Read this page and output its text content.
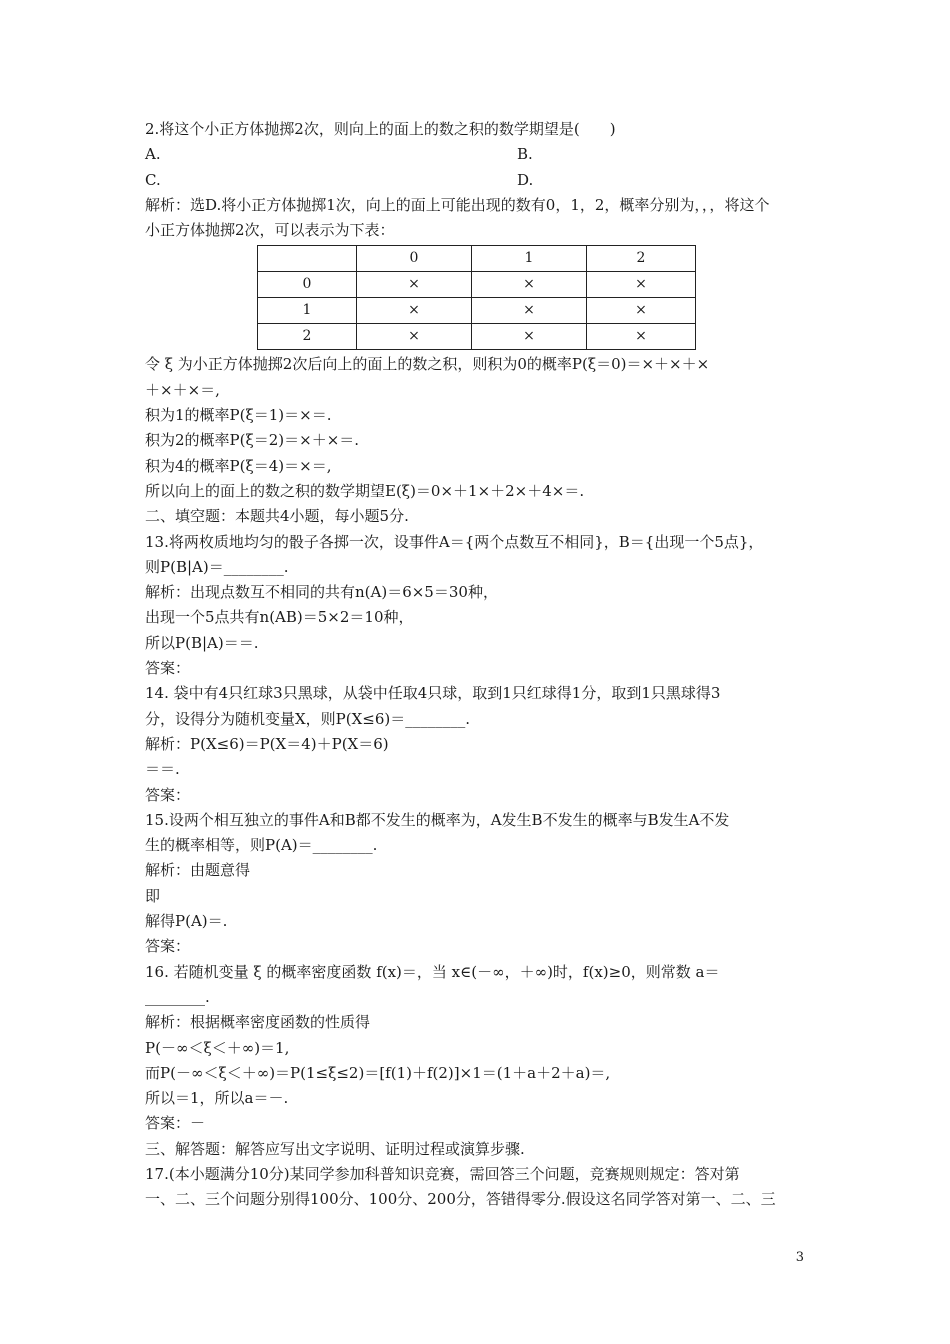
2.将这个小正方体抛掷2次，则向上的面上的数之积的数学期望是(　　)
A.	B.
C.	D.
解析：选D.将小正方体抛掷1次，向上的面上可能出现的数有0，1，2，概率分别为，，，将这个
小正方体抛掷2次，可以表示为下表：
	0	1	2
0	×	×	×
1	×	×	×
2	×	×	×
令 ξ 为小正方体抛掷2次后向上的面上的数之积，则积为0的概率P(ξ＝0)＝×＋×＋×
＋×＋×＝,
积为1的概率P(ξ＝1)＝×＝.
积为2的概率P(ξ＝2)＝×＋×＝.
积为4的概率P(ξ＝4)＝×＝,
所以向上的面上的数之积的数学期望E(ξ)＝0×＋1×＋2×＋4×＝.
二、填空题：本题共4小题，每小题5分.
13.将两枚质地均匀的骰子各掷一次，设事件A＝{两个点数互不相同}，B＝{出现一个5点}，
则P(B|A)＝________.
解析：出现点数互不相同的共有n(A)＝6×5＝30种，
出现一个5点共有n(AB)＝5×2＝10种，
所以P(B|A)＝＝.
答案：
14. 袋中有4只红球3只黑球，从袋中任取4只球，取到1只红球得1分，取到1只黑球得3
分，设得分为随机变量X，则P(X≤6)＝________.
解析：P(X≤6)＝P(X＝4)＋P(X＝6)
＝＝.
答案：
15.设两个相互独立的事件A和B都不发生的概率为，A发生B不发生的概率与B发生A不发
生的概率相等，则P(A)＝________.
解析：由题意得
即
解得P(A)＝.
答案：
16. 若随机变量 ξ 的概率密度函数 f(x)＝，当 x∈(－∞，＋∞)时，f(x)≥0，则常数 a＝
________.
解析：根据概率密度函数的性质得
P(－∞＜ξ＜＋∞)＝1,
而P(－∞＜ξ＜＋∞)＝P(1≤ξ≤2)＝[f(1)＋f(2)]×1＝(1＋a＋2＋a)＝,
所以＝1，所以a＝－.
答案：－
三、解答题：解答应写出文字说明、证明过程或演算步骤.
17.(本小题满分10分)某同学参加科普知识竞赛，需回答三个问题，竞赛规则规定：答对第
一、二、三个问题分别得100分、100分、200分，答错得零分.假设这名同学答对第一、二、三
3
